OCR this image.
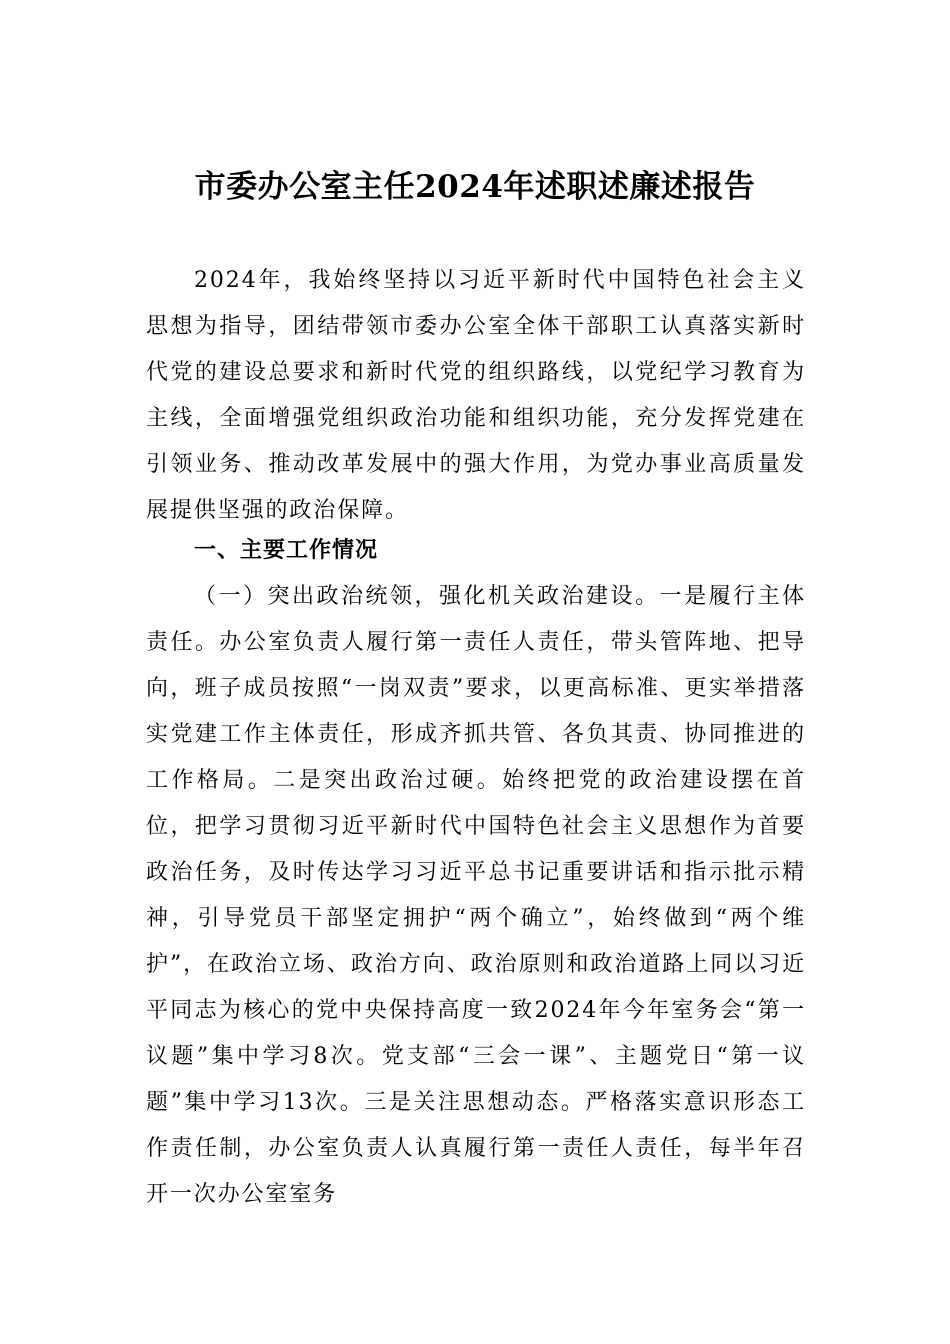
市委办公室主任2024年述职述廉述报告

2024年，我始终坚持以习近平新时代中国特色社会主义思想为指导，团结带领市委办公室全体干部职工认真落实新时代党的建设总要求和新时代党的组织路线，以党纪学习教育为主线，全面增强党组织政治功能和组织功能，充分发挥党建在引领业务、推动改革发展中的强大作用，为党办事业高质量发展提供坚强的政治保障。

一、主要工作情况

（一）突出政治统领，强化机关政治建设。一是履行主体责任。办公室负责人履行第一责任人责任，带头管阵地、把导向，班子成员按照“一岗双责”要求，以更高标准、更实举措落实党建工作主体责任，形成齐抓共管、各负其责、协同推进的工作格局。二是突出政治过硬。始终把党的政治建设摆在首位，把学习贯彻习近平新时代中国特色社会主义思想作为首要政治任务，及时传达学习习近平总书记重要讲话和指示批示精神，引导党员干部坚定拥护“两个确立”，始终做到“两个维护”，在政治立场、政治方向、政治原则和政治道路上同以习近平同志为核心的党中央保持高度一致2024年今年室务会“第一议题”集中学习8次。党支部“三会一课”、主题党日“第一议题”集中学习13次。三是关注思想动态。严格落实意识形态工作责任制，办公室负责人认真履行第一责任人责任，每半年召开一次办公室室务
